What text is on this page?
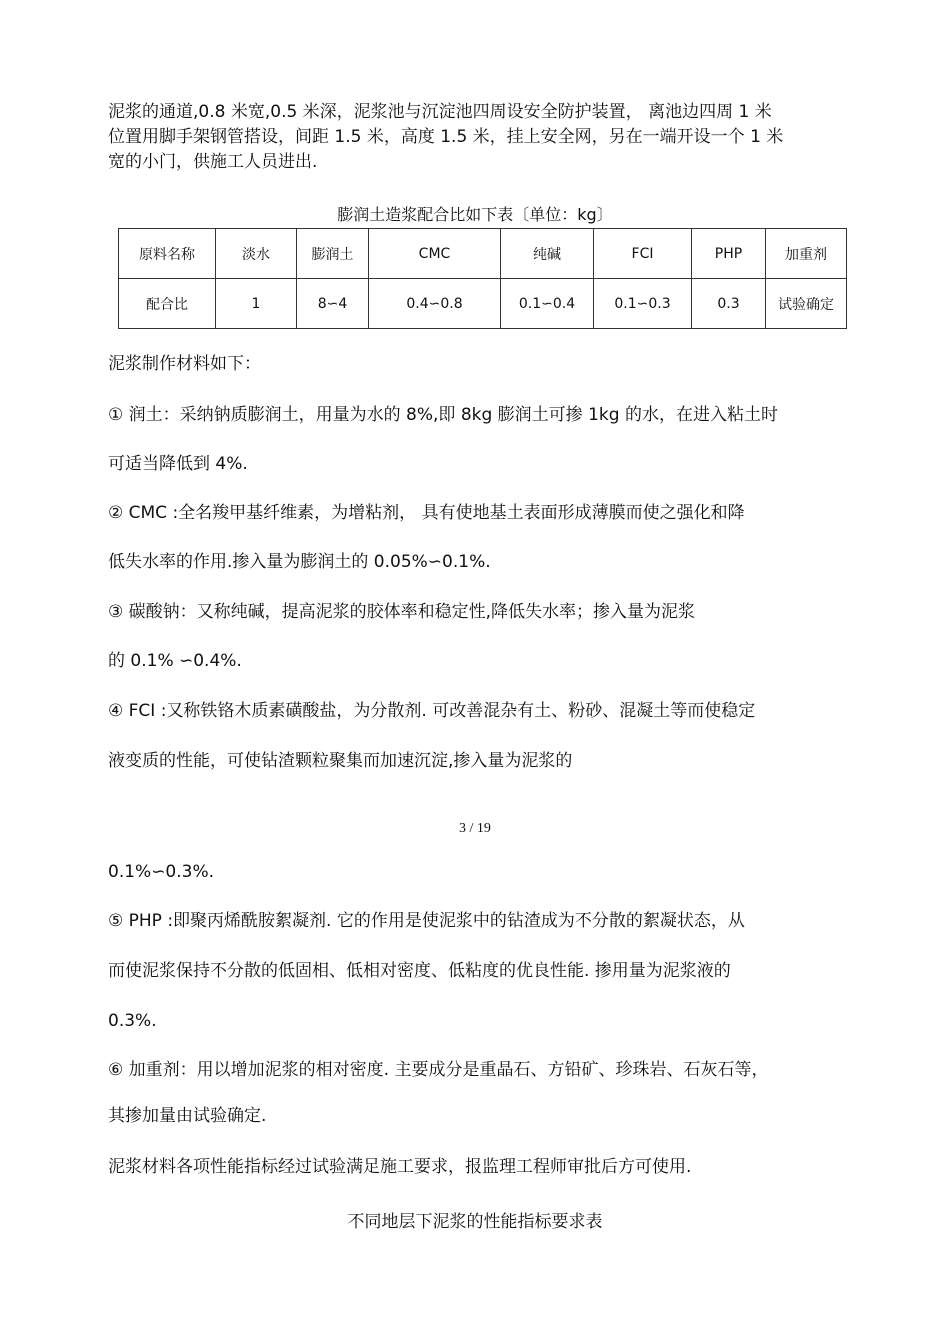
泥浆的通道,0.8 米宽,0.5 米深，泥浆池与沉淀池四周设安全防护装置， 离池边四周 1 米
位置用脚手架钢管搭设，间距 1.5 米，高度 1.5 米，挂上安全网，另在一端开设一个 1 米
宽的小门，供施工人员进出.
膨润土造浆配合比如下表〔单位：kg〕
原料名称	淡水	膨润土	CMC	纯碱	FCI	PHP	加重剂
配合比	1	8∽4	0.4∽0.8	0.1∽0.4	0.1∽0.3	0.3	试验确定
泥浆制作材料如下：
① 润土：采纳钠质膨润土，用量为水的 8%,即 8kg 膨润土可掺 1kg 的水，在进入粘土时
可适当降低到 4%.
② CMC :全名羧甲基纤维素，为增粘剂， 具有使地基土表面形成薄膜而使之强化和降
低失水率的作用.掺入量为膨润土的 0.05%∽0.1%.
③ 碳酸钠：又称纯碱，提高泥浆的胶体率和稳定性,降低失水率；掺入量为泥浆
的 0.1% ∽0.4%.
④ FCI :又称铁铬木质素磺酸盐，为分散剂. 可改善混杂有土、粉砂、混凝土等而使稳定
液变质的性能，可使钻渣颗粒聚集而加速沉淀,掺入量为泥浆的
3 / 19
0.1%∽0.3%.
⑤ PHP :即聚丙烯酰胺絮凝剂. 它的作用是使泥浆中的钻渣成为不分散的絮凝状态，从
而使泥浆保持不分散的低固相、低相对密度、低粘度的优良性能. 掺用量为泥浆液的
0.3%.
⑥ 加重剂：用以增加泥浆的相对密度. 主要成分是重晶石、方铅矿、珍珠岩、石灰石等，
其掺加量由试验确定.
泥浆材料各项性能指标经过试验满足施工要求，报监理工程师审批后方可使用.
不同地层下泥浆的性能指标要求表
